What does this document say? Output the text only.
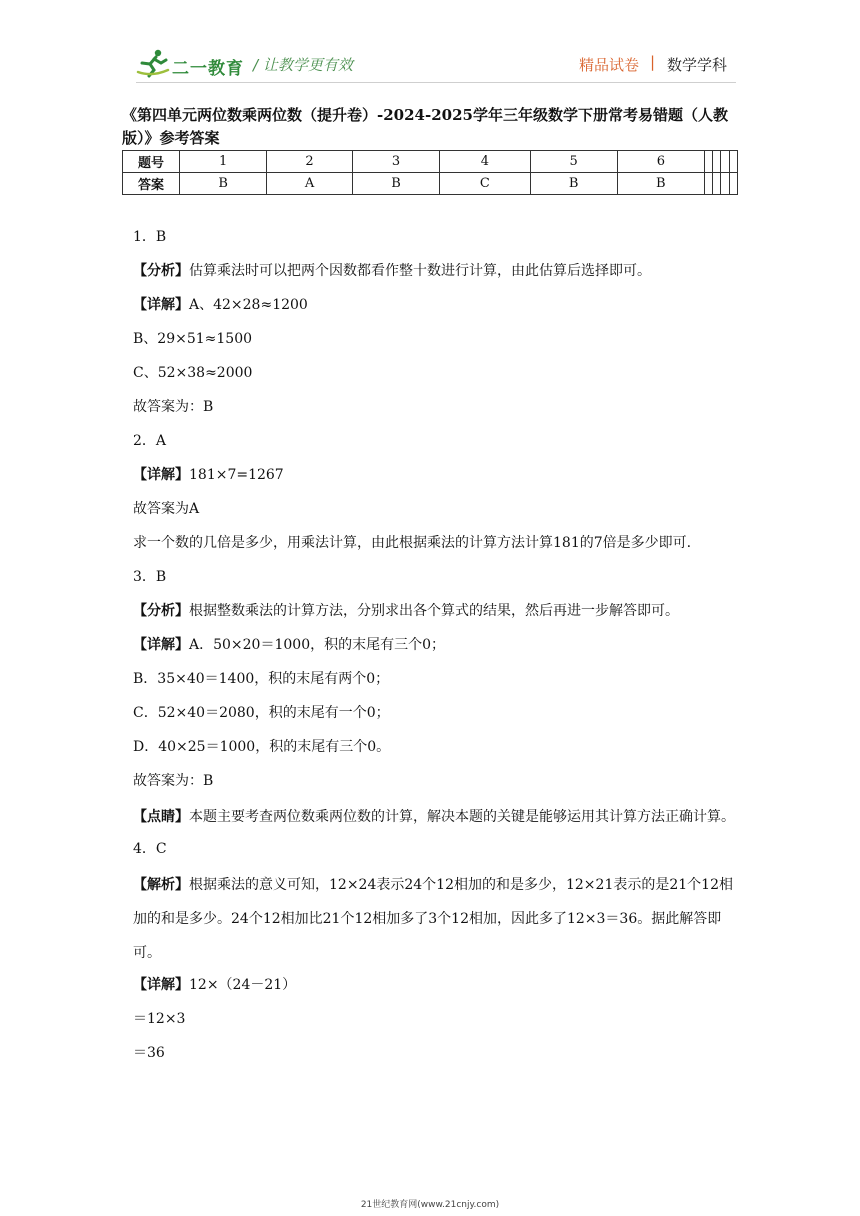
二一教育 / 让教学更有效	精品试卷 | 数学学科
《第四单元两位数乘两位数（提升卷）-2024-2025学年三年级数学下册常考易错题（人教版）》参考答案
题号	1	2	3	4	5	6				
答案	B	A	B	C	B	B				
1．B
【分析】估算乘法时可以把两个因数都看作整十数进行计算，由此估算后选择即可。
【详解】A、42×28≈1200
B、29×51≈1500
C、52×38≈2000
故答案为：B
2．A
【详解】181×7=1267
故答案为A
求一个数的几倍是多少，用乘法计算，由此根据乘法的计算方法计算181的7倍是多少即可.
3．B
【分析】根据整数乘法的计算方法，分别求出各个算式的结果，然后再进一步解答即可。
【详解】A．50×20＝1000，积的末尾有三个0；
B．35×40＝1400，积的末尾有两个0；
C．52×40＝2080，积的末尾有一个0；
D．40×25＝1000，积的末尾有三个0。
故答案为：B
【点睛】本题主要考查两位数乘两位数的计算，解决本题的关键是能够运用其计算方法正确计算。
4．C
【解析】根据乘法的意义可知，12×24表示24个12相加的和是多少，12×21表示的是21个12相加的和是多少。24个12相加比21个12相加多了3个12相加，因此多了12×3＝36。据此解答即可。
【详解】12×（24－21）
＝12×3
＝36
21世纪教育网(www.21cnjy.com)
